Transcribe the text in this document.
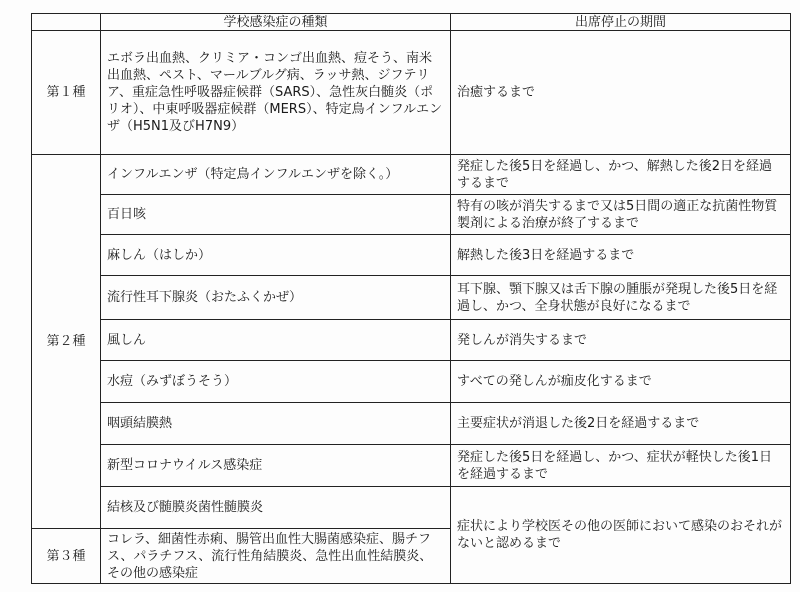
	学校感染症の種類	出席停止の期間
第１種	エボラ出血熱、クリミア・コンゴ出血熱、痘そう、南米出血熱、ペスト、マールブルグ病、ラッサ熱、ジフテリア、重症急性呼吸器症候群（SARS）、急性灰白髄炎（ポリオ）、中東呼吸器症候群（MERS）、特定鳥インフルエンザ（H5N1及びH7N9）	治癒するまで

第２種	インフルエンザ（特定鳥インフルエンザを除く。）	発症した後5日を経過し、かつ、解熱した後2日を経過するまで

	百日咳	特有の咳が消失するまで又は5日間の適正な抗菌性物質製剤による治療が終了するまで

	麻しん（はしか）	解熱した後3日を経過するまで

	流行性耳下腺炎（おたふくかぜ）	耳下腺、顎下腺又は舌下腺の腫脹が発現した後5日を経過し、かつ、全身状態が良好になるまで

	風しん	発しんが消失するまで

	水痘（みずぼうそう）	すべての発しんが痂皮化するまで

	咽頭結膜熱	主要症状が消退した後2日を経過するまで

	新型コロナウイルス感染症	発症した後5日を経過し、かつ、症状が軽快した後1日を経過するまで

	結核及び髄膜炎菌性髄膜炎	症状により学校医その他の医師において感染のおそれがないと認めるまで

第３種	コレラ、細菌性赤痢、腸管出血性大腸菌感染症、腸チフス、パラチフス、流行性角結膜炎、急性出血性結膜炎、その他の感染症	
